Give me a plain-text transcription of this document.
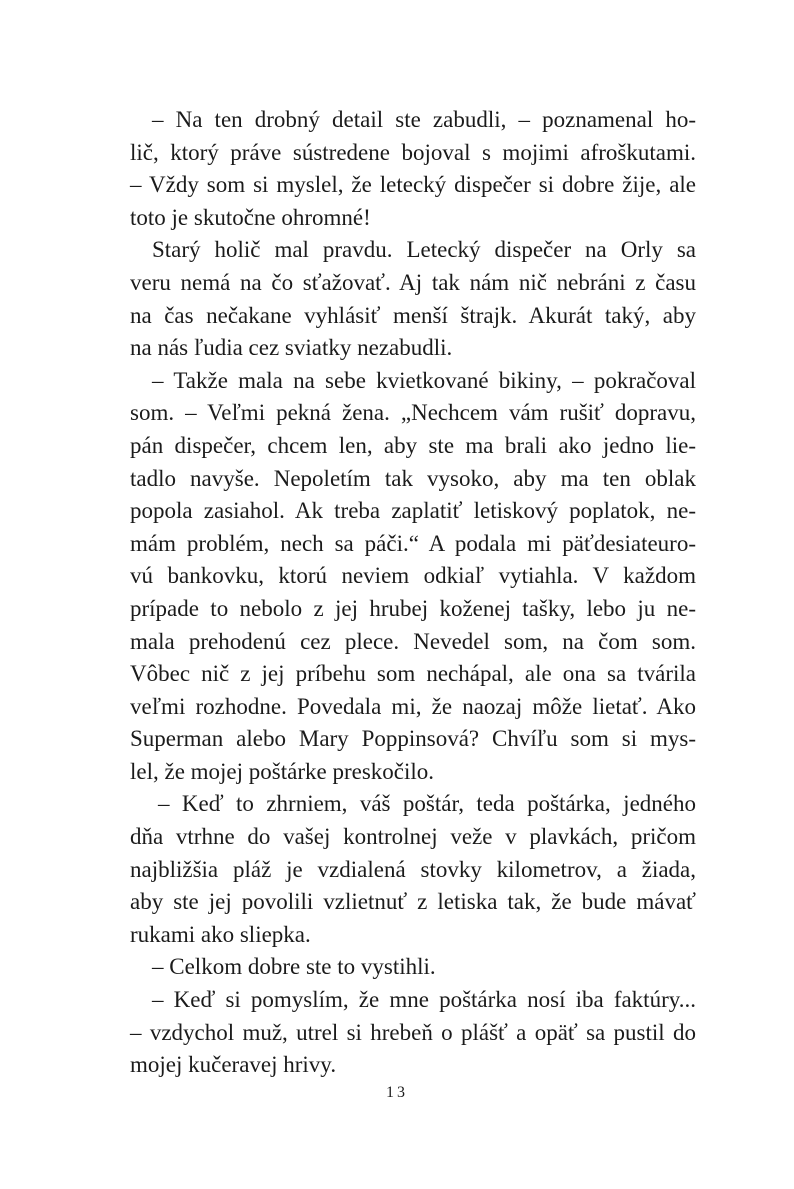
– Na ten drobný detail ste zabudli, – poznamenal ho-
lič, ktorý práve sústredene bojoval s mojimi afroškutami.
– Vždy som si myslel, že letecký dispečer si dobre žije, ale
toto je skutočne ohromné!
Starý holič mal pravdu. Letecký dispečer na Orly sa
veru nemá na čo sťažovať. Aj tak nám nič nebráni z času
na čas nečakane vyhlásiť menší štrajk. Akurát taký, aby
na nás ľudia cez sviatky nezabudli.
– Takže mala na sebe kvietkované bikiny, – pokračoval
som. – Veľmi pekná žena. „Nechcem vám rušiť dopravu,
pán dispečer, chcem len, aby ste ma brali ako jedno lie-
tadlo navyše. Nepoletím tak vysoko, aby ma ten oblak
popola zasiahol. Ak treba zaplatiť letiskový poplatok, ne-
mám problém, nech sa páči.“ A podala mi päťdesiateuro-
vú bankovku, ktorú neviem odkiaľ vytiahla. V každom
prípade to nebolo z jej hrubej koženej tašky, lebo ju ne-
mala prehodenú cez plece. Nevedel som, na čom som.
Vôbec nič z jej príbehu som nechápal, ale ona sa tvárila
veľmi rozhodne. Povedala mi, že naozaj môže lietať. Ako
Superman alebo Mary Poppinsová? Chvíľu som si mys-
lel, že mojej poštárke preskočilo.
– Keď to zhrniem, váš poštár, teda poštárka, jedného
dňa vtrhne do vašej kontrolnej veže v plavkách, pričom
najbližšia pláž je vzdialená stovky kilometrov, a žiada,
aby ste jej povolili vzlietnuť z letiska tak, že bude mávať
rukami ako sliepka.
– Celkom dobre ste to vystihli.
– Keď si pomyslím, že mne poštárka nosí iba faktúry...
– vzdychol muž, utrel si hrebeň o plášť a opäť sa pustil do
mojej kučeravej hrivy.
13
